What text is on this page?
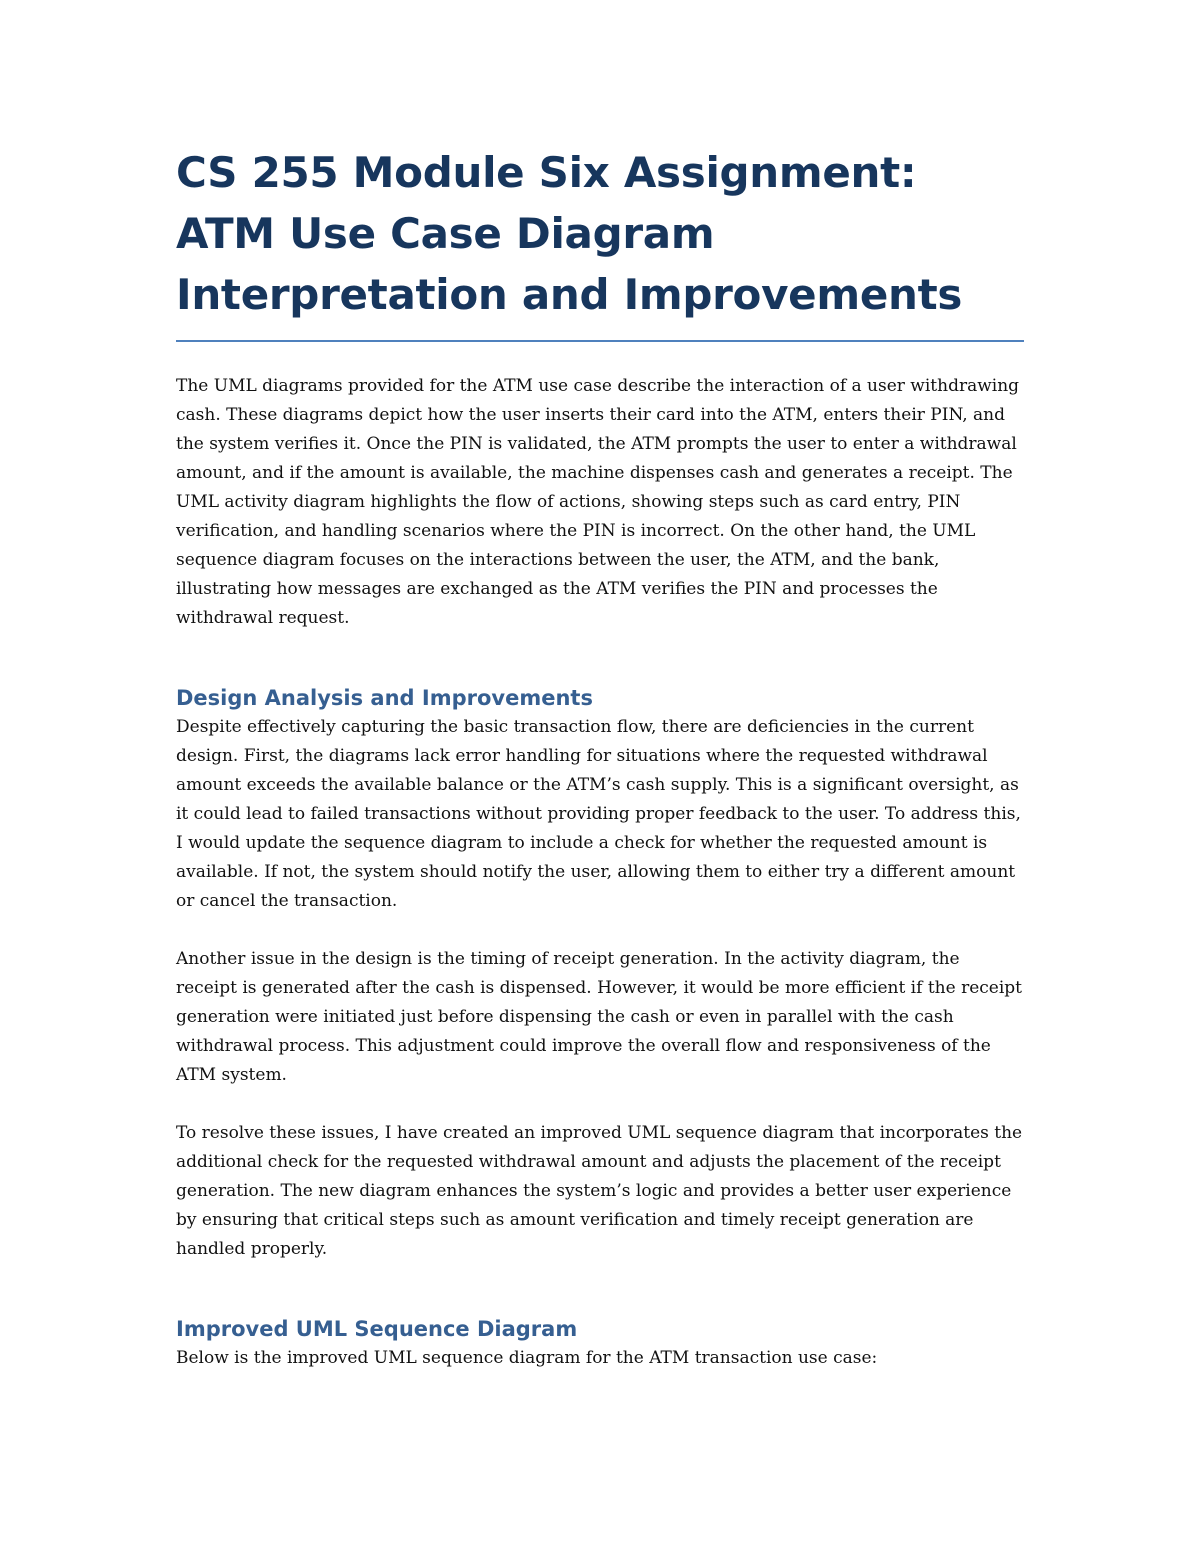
CS 255 Module Six Assignment: ATM Use Case Diagram Interpretation and Improvements

The UML diagrams provided for the ATM use case describe the interaction of a user withdrawing cash. These diagrams depict how the user inserts their card into the ATM, enters their PIN, and the system verifies it. Once the PIN is validated, the ATM prompts the user to enter a withdrawal amount, and if the amount is available, the machine dispenses cash and generates a receipt. The UML activity diagram highlights the flow of actions, showing steps such as card entry, PIN verification, and handling scenarios where the PIN is incorrect. On the other hand, the UML sequence diagram focuses on the interactions between the user, the ATM, and the bank, illustrating how messages are exchanged as the ATM verifies the PIN and processes the withdrawal request.

Design Analysis and Improvements

Despite effectively capturing the basic transaction flow, there are deficiencies in the current design. First, the diagrams lack error handling for situations where the requested withdrawal amount exceeds the available balance or the ATM’s cash supply. This is a significant oversight, as it could lead to failed transactions without providing proper feedback to the user. To address this, I would update the sequence diagram to include a check for whether the requested amount is available. If not, the system should notify the user, allowing them to either try a different amount or cancel the transaction.

Another issue in the design is the timing of receipt generation. In the activity diagram, the receipt is generated after the cash is dispensed. However, it would be more efficient if the receipt generation were initiated just before dispensing the cash or even in parallel with the cash withdrawal process. This adjustment could improve the overall flow and responsiveness of the ATM system.

To resolve these issues, I have created an improved UML sequence diagram that incorporates the additional check for the requested withdrawal amount and adjusts the placement of the receipt generation. The new diagram enhances the system’s logic and provides a better user experience by ensuring that critical steps such as amount verification and timely receipt generation are handled properly.

Improved UML Sequence Diagram

Below is the improved UML sequence diagram for the ATM transaction use case:
